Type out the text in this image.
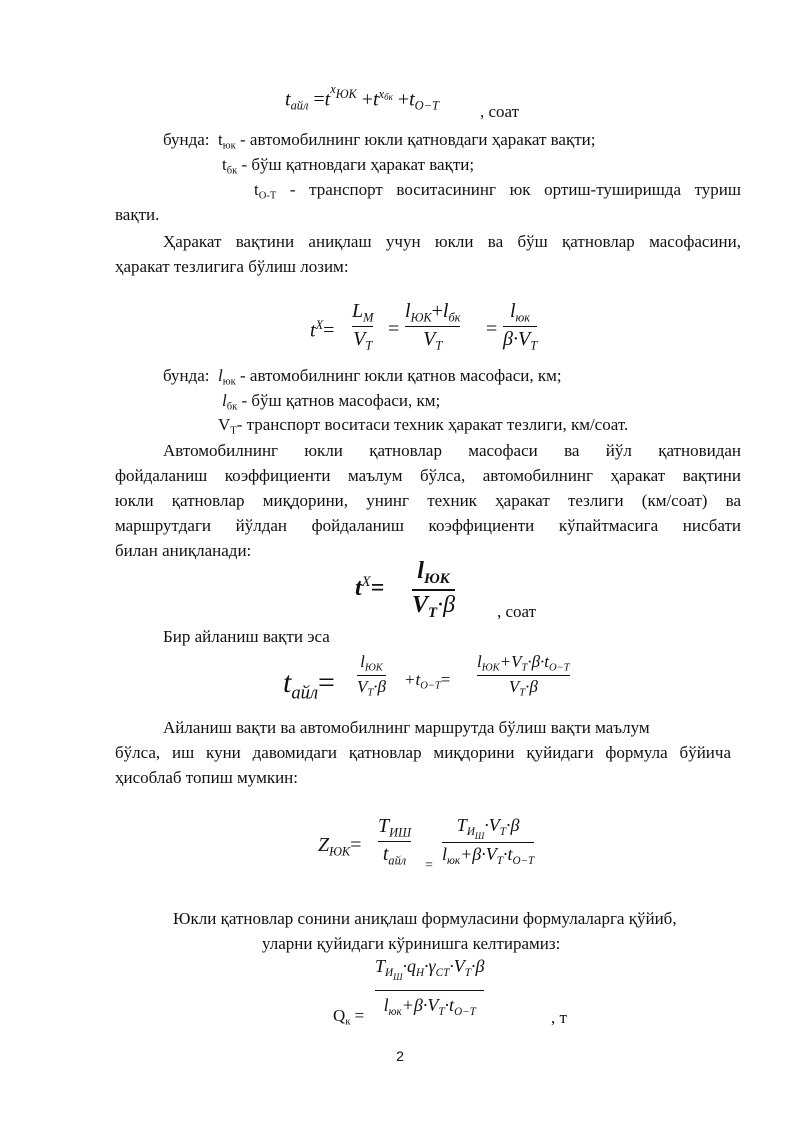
$t_{айл} =t^{xЮК} +t^{xбк} +t_{O-T}$ , соат
бунда: $t_{юк}$ - автомобилнинг юкли қатновдаги ҳаракат вақти;
$t_{бк}$ - бўш қатновдаги ҳаракат вақти;
$t_{О-Т}$ - транспорт воситасининг юк ортиш-туширишда туриш
вақти.
Ҳаракат вақтини аниқлаш учун юкли ва бўш қатновлар масофасини,
ҳаракат тезлигига бўлиш лозим:
$t^X=$
$L_M$
$V_T$
=
$l_{ЮК}+l_{бк}$
$V_T$
=
$l_{юк}$
$\beta\cdot V_T$
бунда: $l_{юк}$ - автомобилнинг юкли қатнов масофаси, км;
$l_{бк}$ - бўш қатнов масофаси, км;
$V_Т-$ транспорт воситаси техник ҳаракат тезлиги, км/соат.
Автомобилнинг юкли қатновлар масофаси ва йўл қатновидан
фойдаланиш коэффициенти маълум бўлса, автомобилнинг ҳаракат вақтини
юкли қатновлар миқдорини, унинг техник ҳаракат тезлиги (км/соат) ва
маршрутдаги йўлдан фойдаланиш коэффициенти кўпайтмасига нисбати
билан аниқланади:
$t^X=$
$l_{ЮК}$
$V_T\cdot\beta$ , соат
Бир айланиш вақти эса
$t_{айл}=$
$l_{ЮК}$
$V_T\cdot\beta +t_{O-T}=$
$l_{ЮК}+V_T\cdot\beta\cdot t_{O-T}$
$V_T\cdot\beta$
Айланиш вақти ва автомобилнинг маршрутда бўлиш вақти маълум
бўлса, иш куни давомидаги қатновлар миқдорини қуйидаги формула бўйича
ҳисоблаб топиш мумкин:
$Z_{ЮК}=$
$T_{ИШ}$
$t_{айл}$ =
$T_{ИШ}\cdot V_T\cdot\beta$
$l_{юк}+\beta\cdot V_T\cdot t_{O-T}$
Юкли қатновлар сонини аниқлаш формуласини формулаларга қўйиб,
уларни қуйидаги кўринишга келтирамиз:
$T_{ИШ}\cdot q_Н\cdot\gamma_{СТ}\cdot V_T\cdot\beta$
$l_{юк}+\beta\cdot V_T\cdot t_{O-T}$
$Q_к$ =	, т
2
